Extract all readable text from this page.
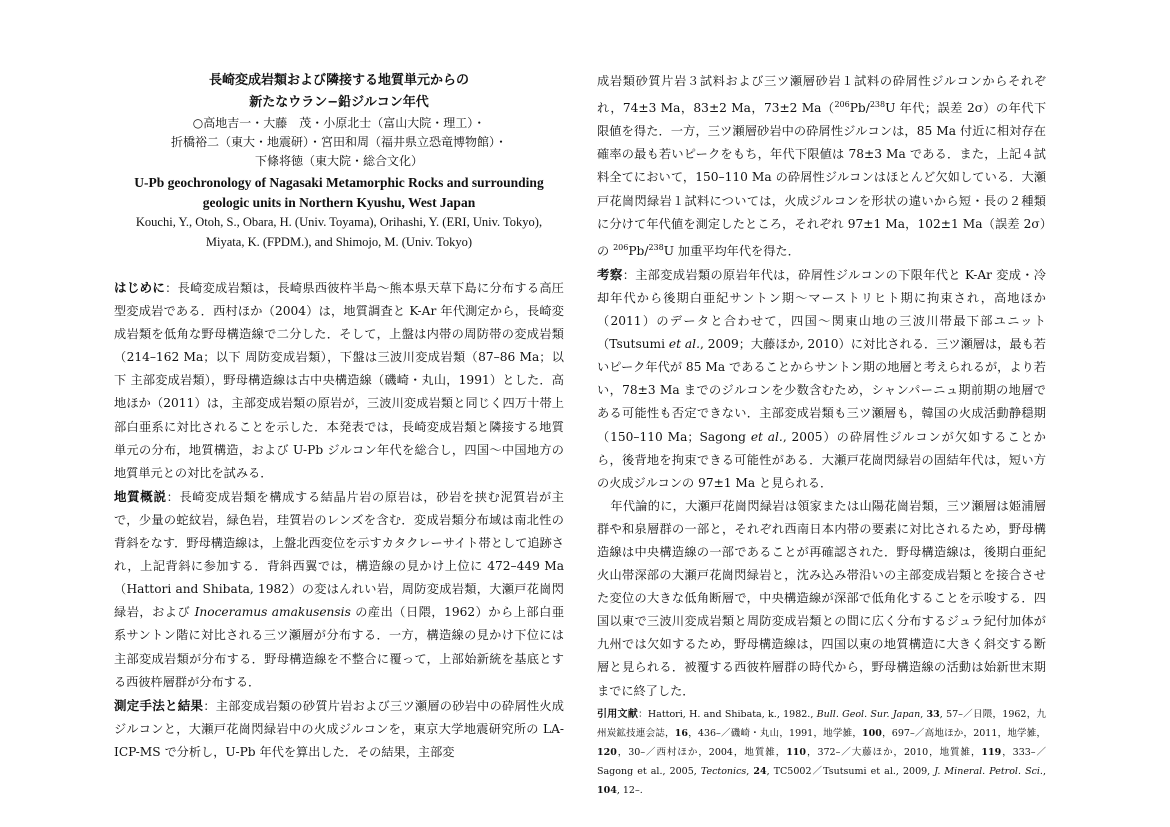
長崎変成岩類および隣接する地質単元からの
新たなウラン−鉛ジルコン年代
○高地吉一・大藤　茂・小原北士（富山大院・理工）・
折橋裕二（東大・地震研）・宮田和周（福井県立恐竜博物館）・
下條将徳（東大院・総合文化）
U-Pb geochronology of Nagasaki Metamorphic Rocks and surrounding
geologic units in Northern Kyushu, West Japan
Kouchi, Y., Otoh, S., Obara, H. (Univ. Toyama), Orihashi, Y. (ERI, Univ. Tokyo),
Miyata, K. (FPDM.), and Shimojo, M. (Univ. Tokyo)

はじめに：長崎変成岩類は，長崎県西彼杵半島〜熊本県天草下島に分布する高圧型変成岩である．西村ほか（2004）は，地質調査と K-Ar 年代測定から，長崎変成岩類を低角な野母構造線で二分した．そして，上盤は内帯の周防帯の変成岩類（214–162 Ma；以下 周防変成岩類），下盤は三波川変成岩類（87–86 Ma；以下 主部変成岩類），野母構造線は古中央構造線（磯崎・丸山，1991）とした．高地ほか（2011）は，主部変成岩類の原岩が，三波川変成岩類と同じく四万十帯上部白亜系に対比されることを示した．本発表では，長崎変成岩類と隣接する地質単元の分布，地質構造，および U-Pb ジルコン年代を総合し，四国〜中国地方の地質単元との対比を試みる．

地質概説：長崎変成岩類を構成する結晶片岩の原岩は，砂岩を挟む泥質岩が主で，少量の蛇紋岩，緑色岩，珪質岩のレンズを含む．変成岩類分布域は南北性の背斜をなす．野母構造線は，上盤北西変位を示すカタクレーサイト帯として追跡され，上記背斜に参加する．背斜西翼では，構造線の見かけ上位に 472–449 Ma（Hattori and Shibata, 1982）の変はんれい岩，周防変成岩類，大瀬戸花崗閃緑岩，および Inoceramus amakusensis の産出（日隈，1962）から上部白亜系サントン階に対比される三ツ瀬層が分布する．一方，構造線の見かけ下位には主部変成岩類が分布する．野母構造線を不整合に覆って，上部始新統を基底とする西彼杵層群が分布する．

測定手法と結果：主部変成岩類の砂質片岩および三ツ瀬層の砂岩中の砕屑性火成ジルコンと，大瀬戸花崗閃緑岩中の火成ジルコンを，東京大学地震研究所の LA-ICP-MS で分析し，U-Pb 年代を算出した．その結果，主部変

成岩類砂質片岩３試料および三ツ瀬層砂岩１試料の砕屑性ジルコンからそれぞれ，74±3 Ma，83±2 Ma，73±2 Ma（$^{206}$Pb/$^{238}$U 年代；誤差 2σ）の年代下限値を得た．一方，三ツ瀬層砂岩中の砕屑性ジルコンは，85 Ma 付近に相対存在確率の最も若いピークをもち，年代下限値は 78±3 Ma である．また，上記４試料全てにおいて，150–110 Ma の砕屑性ジルコンはほとんど欠如している．大瀬戸花崗閃緑岩１試料については，火成ジルコンを形状の違いから短・長の２種類に分けて年代値を測定したところ，それぞれ 97±1 Ma，102±1 Ma（誤差 2σ）の $^{206}$Pb/$^{238}$U 加重平均年代を得た．

考察：主部変成岩類の原岩年代は，砕屑性ジルコンの下限年代と K-Ar 変成・冷却年代から後期白亜紀サントン期〜マーストリヒト期に拘束され，高地ほか（2011）のデータと合わせて，四国〜関東山地の三波川帯最下部ユニット（Tsutsumi et al., 2009；大藤ほか, 2010）に対比される．三ツ瀬層は，最も若いピーク年代が 85 Ma であることからサントン期の地層と考えられるが，より若い，78±3 Ma までのジルコンを少数含むため，シャンパーニュ期前期の地層である可能性も否定できない．主部変成岩類も三ツ瀬層も，韓国の火成活動静穏期（150–110 Ma；Sagong et al., 2005）の砕屑性ジルコンが欠如することから，後背地を拘束できる可能性がある．大瀬戸花崗閃緑岩の固結年代は，短い方の火成ジルコンの 97±1 Ma と見られる．

年代論的に，大瀬戸花崗閃緑岩は領家または山陽花崗岩類，三ツ瀬層は姫浦層群や和泉層群の一部と，それぞれ西南日本内帯の要素に対比されるため，野母構造線は中央構造線の一部であることが再確認された．野母構造線は，後期白亜紀火山帯深部の大瀬戸花崗閃緑岩と，沈み込み帯沿いの主部変成岩類とを接合させた変位の大きな低角断層で，中央構造線が深部で低角化することを示唆する．四国以東で三波川変成岩類と周防変成岩類との間に広く分布するジュラ紀付加体が九州では欠如するため，野母構造線は，四国以東の地質構造に大きく斜交する断層と見られる．被覆する西彼杵層群の時代から，野母構造線の活動は始新世末期までに終了した．

引用文献：Hattori, H. and Shibata, k., 1982., Bull. Geol. Sur. Japan, 33, 57–／日隈，1962，九州炭鉱技連会誌，16，436–／磯崎・丸山，1991，地学雑，100，697–／高地ほか，2011，地学雑，120，30–／西村ほか，2004，地質雑，110，372–／大藤ほか，2010，地質雑，119，333–／Sagong et al., 2005, Tectonics, 24, TC5002／Tsutsumi et al., 2009, J. Mineral. Petrol. Sci., 104, 12–.
